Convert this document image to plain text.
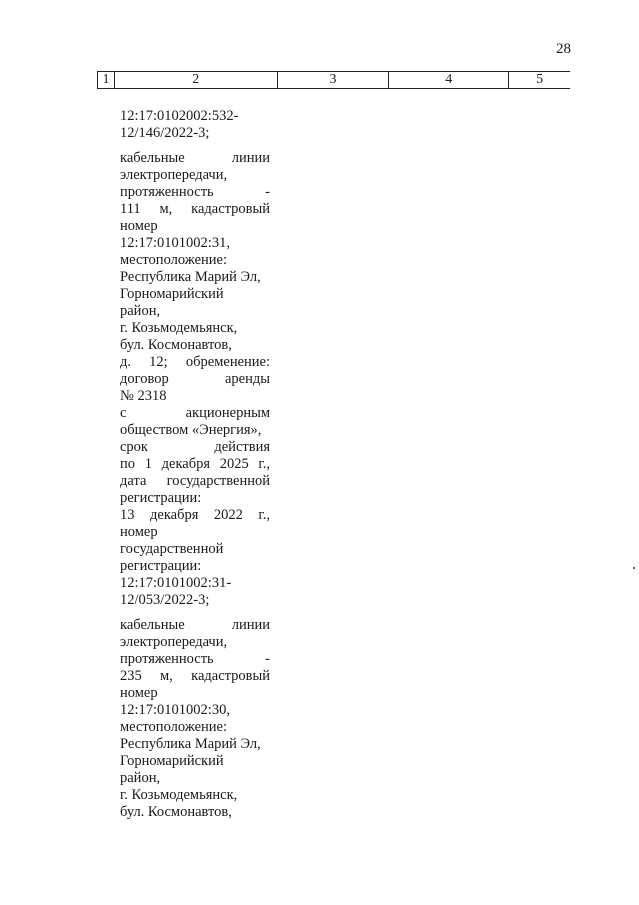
28
1	2	3	4	5
12:17:0102002:532-
12/146/2022-3;
кабельные линии
электропередачи,
протяженность -
111 м, кадастровый
номер
12:17:0101002:31,
местоположение:
Республика Марий Эл,
Горномарийский
район,
г. Козьмодемьянск,
бул. Космонавтов,
д. 12; обременение:
договор аренды
№ 2318
с акционерным
обществом «Энергия»,
срок действия
по 1 декабря 2025 г.,
дата государственной
регистрации:
13 декабря 2022 г.,
номер
государственной
регистрации:
12:17:0101002:31-
12/053/2022-3;
кабельные линии
электропередачи,
протяженность -
235 м, кадастровый
номер
12:17:0101002:30,
местоположение:
Республика Марий Эл,
Горномарийский
район,
г. Козьмодемьянск,
бул. Космонавтов,
